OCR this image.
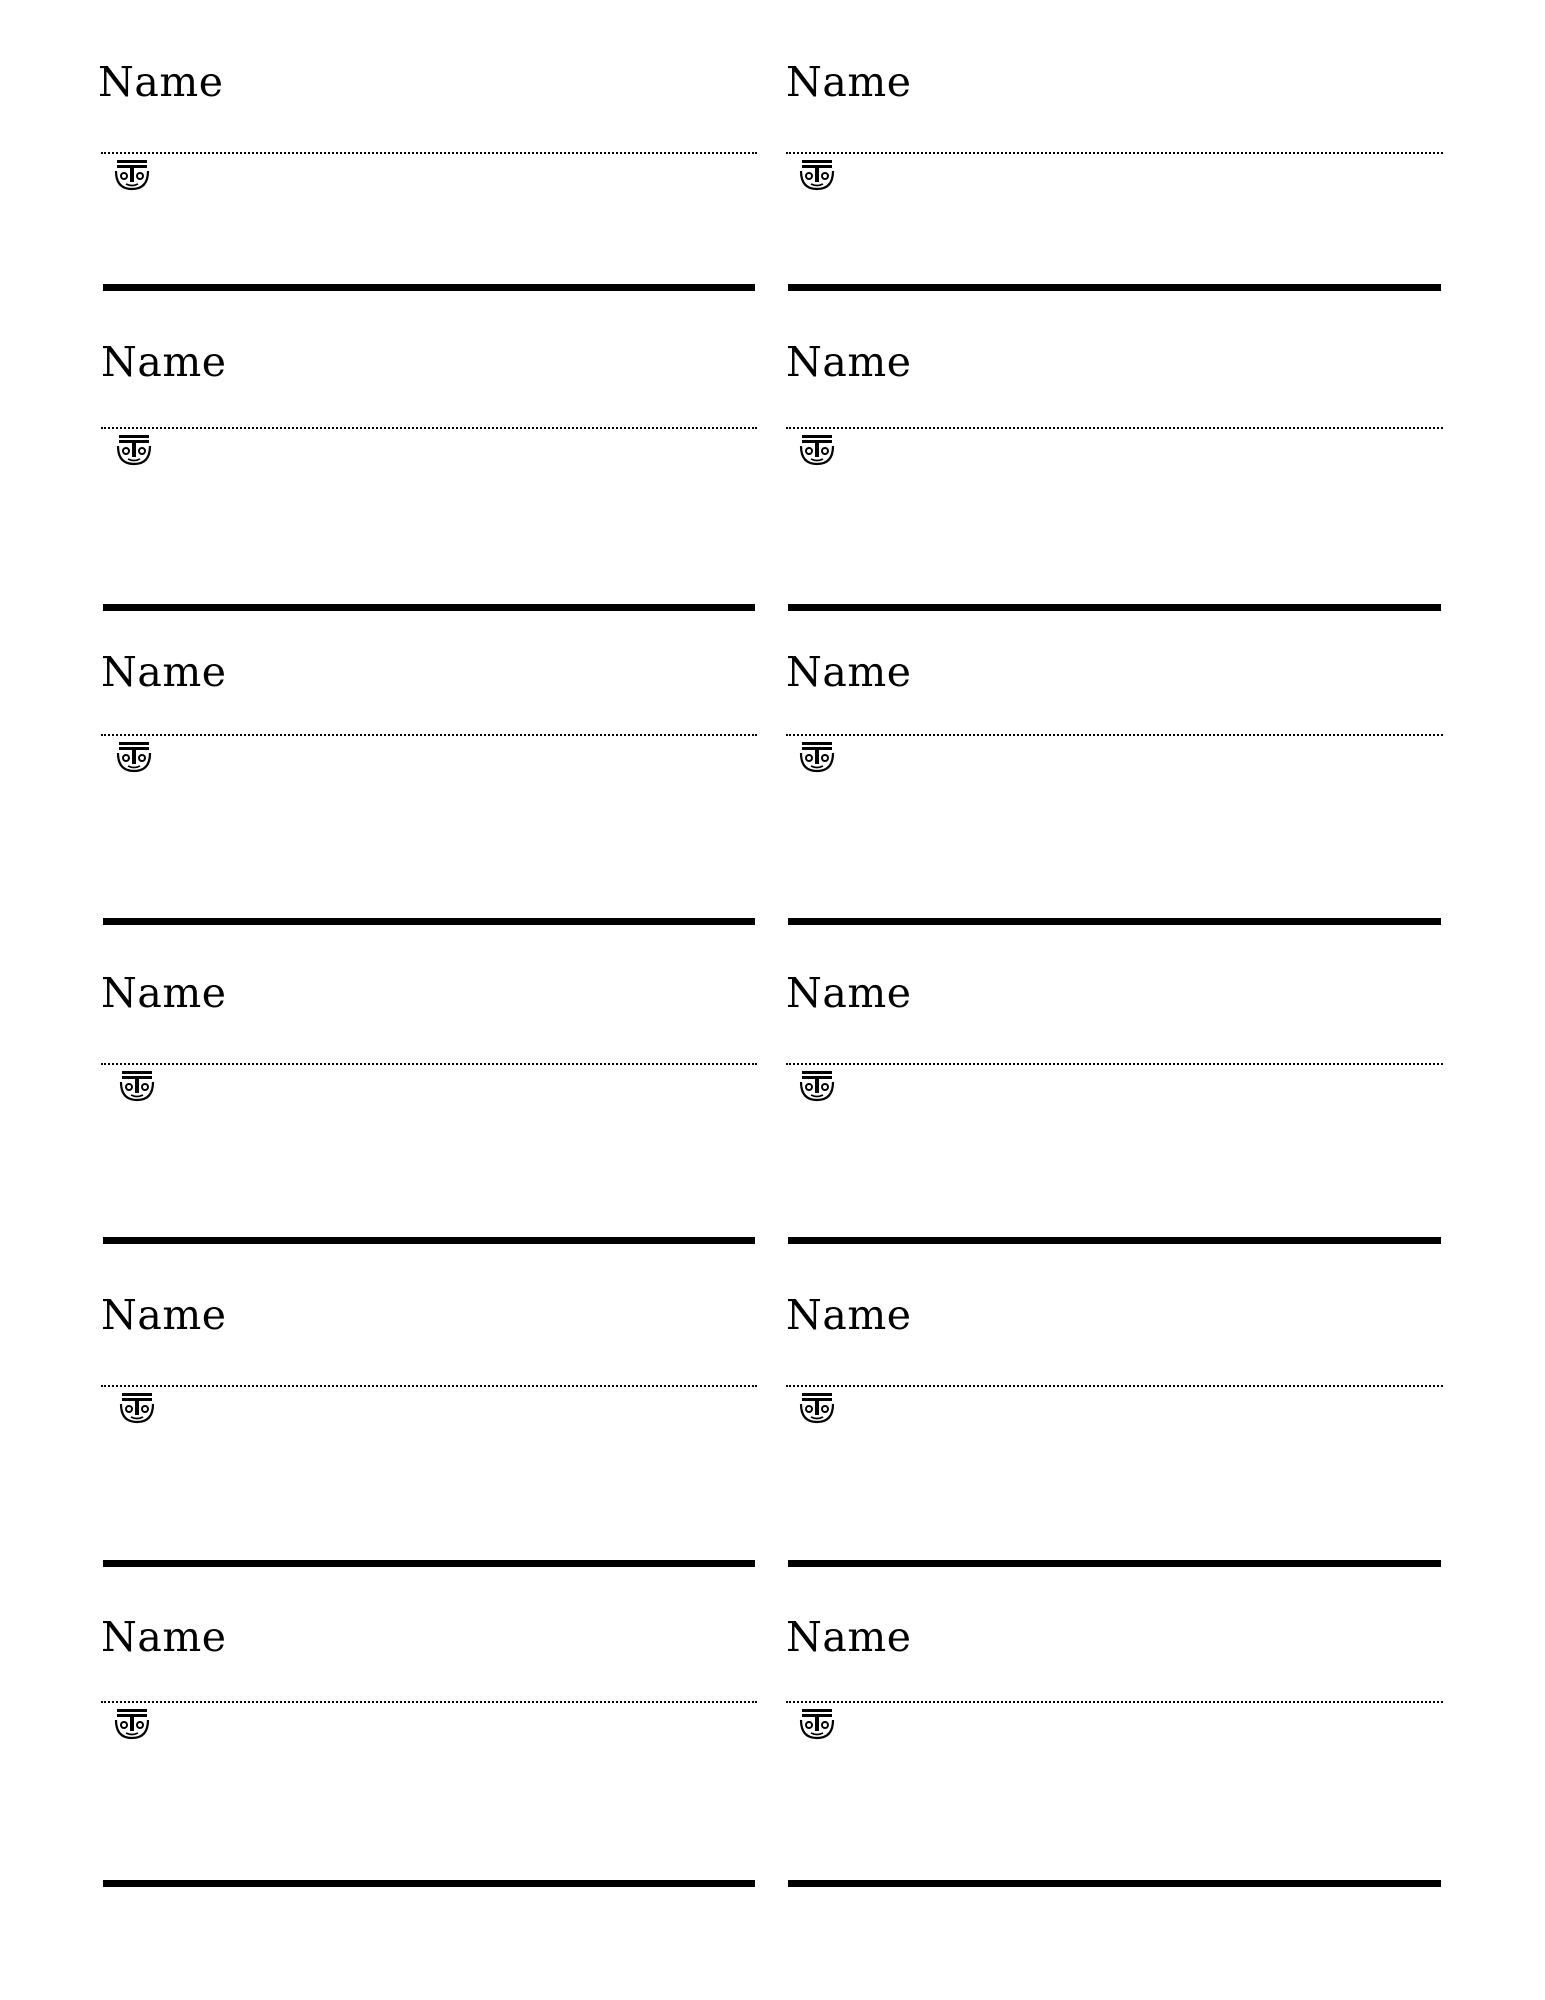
Name	Name
Name	Name
Name	Name
Name	Name
Name	Name
Name	Name
